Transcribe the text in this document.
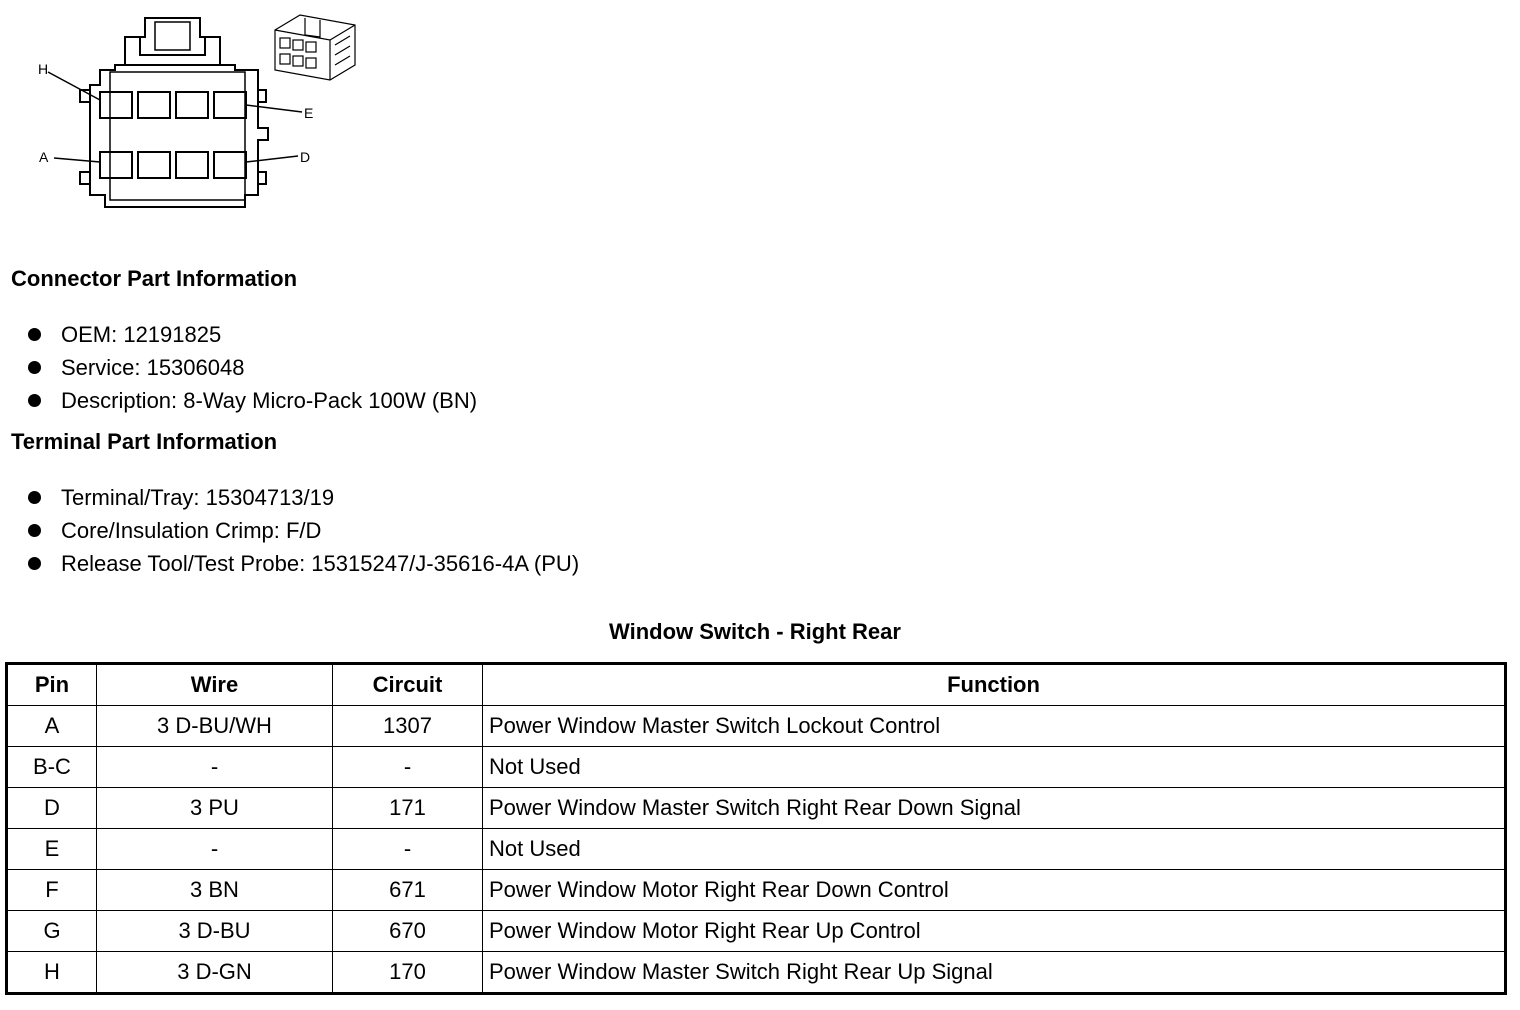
H
E
A	D
Connector Part Information
OEM: 12191825
Service: 15306048
Description: 8-Way Micro-Pack 100W (BN)
Terminal Part Information
Terminal/Tray: 15304713/19
Core/Insulation Crimp: F/D
Release Tool/Test Probe: 15315247/J-35616-4A (PU)
Window Switch - Right Rear
Pin	Wire	Circuit	Function
A	3 D-BU/WH	1307	Power Window Master Switch Lockout Control
B-C	-	-	Not Used
D	3 PU	171	Power Window Master Switch Right Rear Down Signal
E	-	-	Not Used
F	3 BN	671	Power Window Motor Right Rear Down Control
G	3 D-BU	670	Power Window Motor Right Rear Up Control
H	3 D-GN	170	Power Window Master Switch Right Rear Up Signal
